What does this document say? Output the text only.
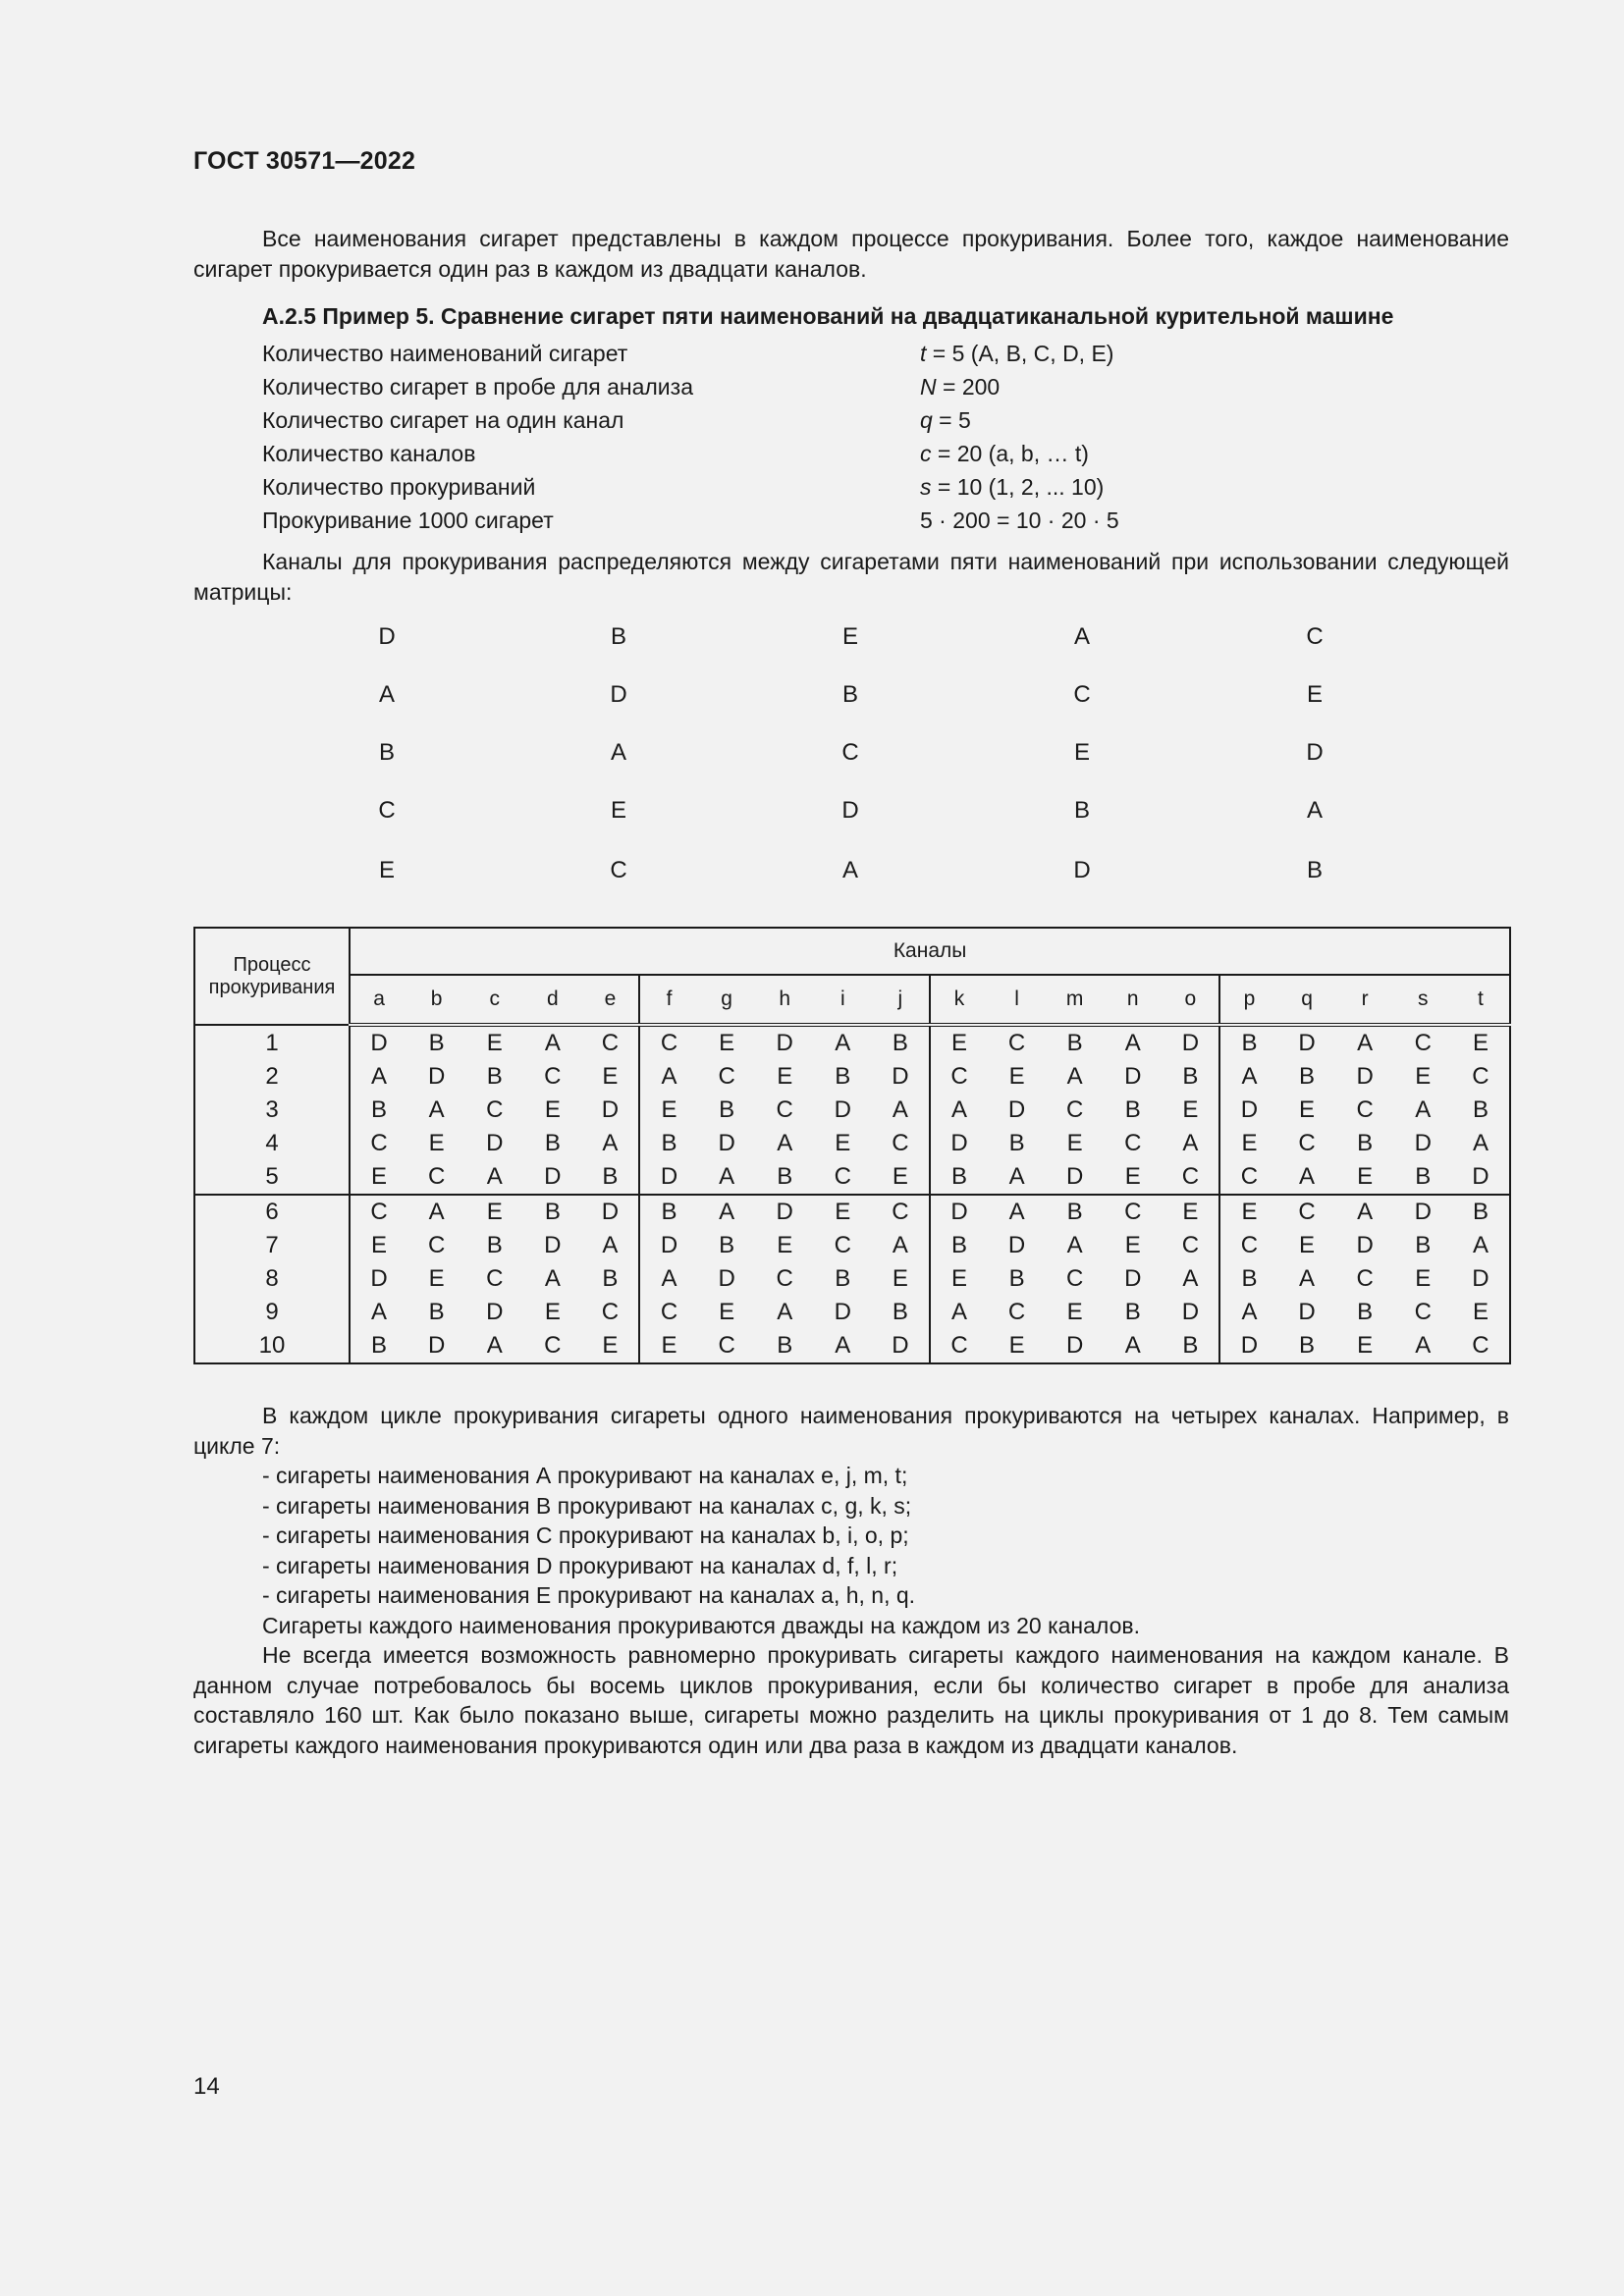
ГОСТ 30571—2022
Все наименования сигарет представлены в каждом процессе прокуривания. Более того, каждое наименование сигарет прокуривается один раз в каждом из двадцати каналов.
А.2.5 Пример 5. Сравнение сигарет пяти наименований на двадцатиканальной курительной машине
Количество наименований сигарет	t = 5 (A, B, C, D, E)
Количество сигарет в пробе для анализа	N = 200
Количество сигарет на один канал	q = 5
Количество каналов	c = 20 (a, b, … t)
Количество прокуриваний	s = 10 (1, 2, ... 10)
Прокуривание 1000 сигарет	5 · 200 = 10 · 20 · 5
Каналы для прокуривания распределяются между сигаретами пяти наименований при использовании следующей матрицы:
D	B	E	A	C
A	D	B	C	E
B	A	C	E	D
C	E	D	B	A
E	C	A	D	B
Процесс прокуривания	Каналы																			
	a	b	c	d	e	f	g	h	i	j	k	l	m	n	o	p	q	r	s	t
1	D	B	E	A	C	C	E	D	A	B	E	C	B	A	D	B	D	A	C	E
2	A	D	B	C	E	A	C	E	B	D	C	E	A	D	B	A	B	D	E	C
3	B	A	C	E	D	E	B	C	D	A	A	D	C	B	E	D	E	C	A	B
4	C	E	D	B	A	B	D	A	E	C	D	B	E	C	A	E	C	B	D	A
5	E	C	A	D	B	D	A	B	C	E	B	A	D	E	C	C	A	E	B	D
6	C	A	E	B	D	B	A	D	E	C	D	A	B	C	E	E	C	A	D	B
7	E	C	B	D	A	D	B	E	C	A	B	D	A	E	C	C	E	D	B	A
8	D	E	C	A	B	A	D	C	B	E	E	B	C	D	A	B	A	C	E	D
9	A	B	D	E	C	C	E	A	D	B	A	C	E	B	D	A	D	B	C	E
10	B	D	A	C	E	E	C	B	A	D	C	E	D	A	B	D	B	E	A	C
В каждом цикле прокуривания сигареты одного наименования прокуриваются на четырех каналах. Например, в цикле 7:
- сигареты наименования А прокуривают на каналах e, j, m, t;
- сигареты наименования В прокуривают на каналах c, g, k, s;
- сигареты наименования С прокуривают на каналах b, i, o, p;
- сигареты наименования D прокуривают на каналах d, f, l, r;
- сигареты наименования Е прокуривают на каналах a, h, n, q.
Сигареты каждого наименования прокуриваются дважды на каждом из 20 каналов.
Не всегда имеется возможность равномерно прокуривать сигареты каждого наименования на каждом канале. В данном случае потребовалось бы восемь циклов прокуривания, если бы количество сигарет в пробе для анализа составляло 160 шт. Как было показано выше, сигареты можно разделить на циклы прокуривания от 1 до 8. Тем самым сигареты каждого наименования прокуриваются один или два раза в каждом из двадцати каналов.
14
